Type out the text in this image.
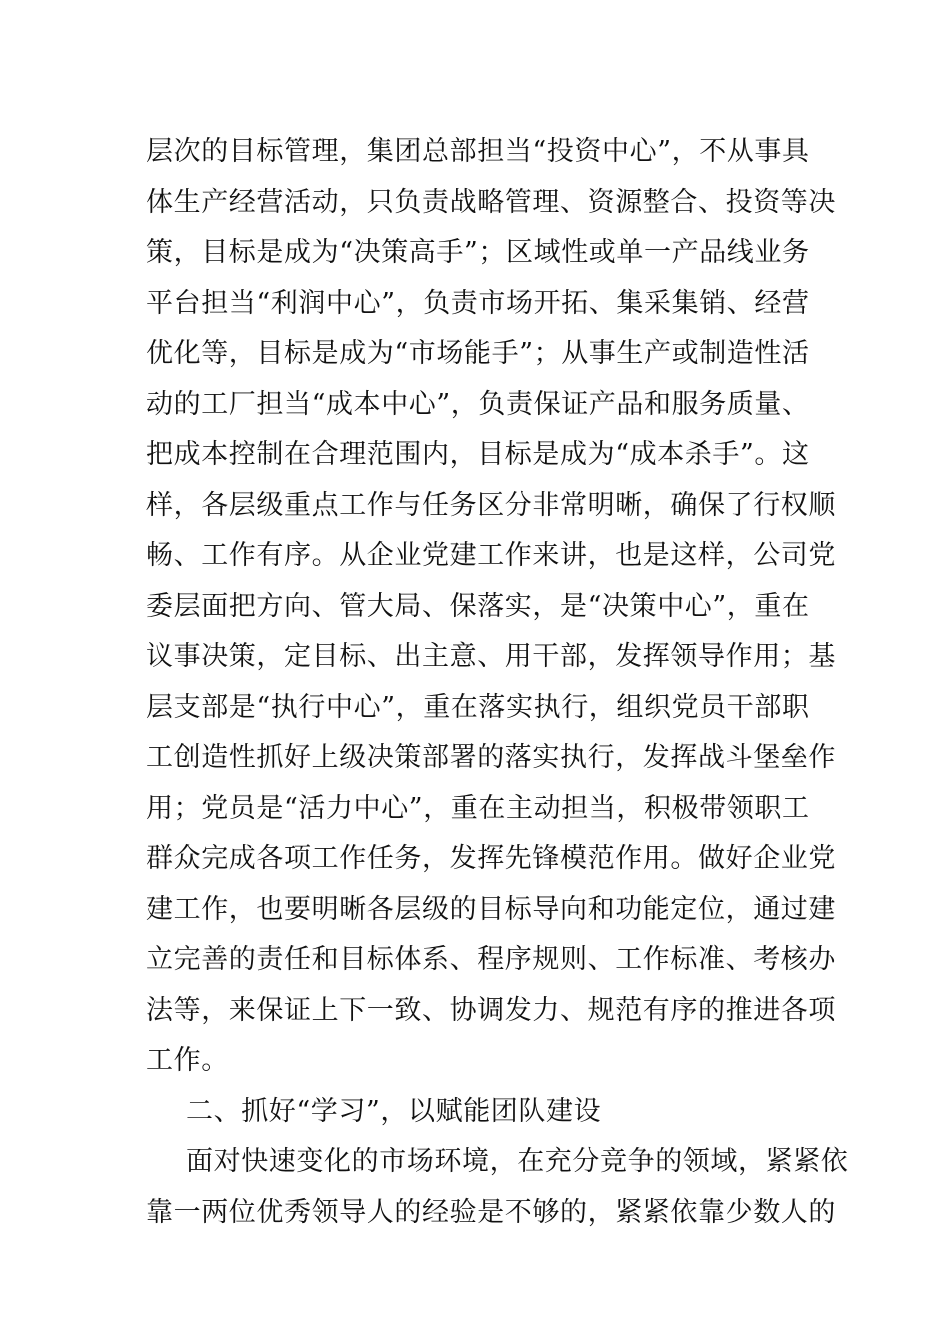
层次的目标管理，集团总部担当“投资中心”，不从事具
体生产经营活动，只负责战略管理、资源整合、投资等决
策，目标是成为“决策高手”；区域性或单一产品线业务
平台担当“利润中心”，负责市场开拓、集采集销、经营
优化等，目标是成为“市场能手”；从事生产或制造性活
动的工厂担当“成本中心”，负责保证产品和服务质量、
把成本控制在合理范围内，目标是成为“成本杀手”。这
样，各层级重点工作与任务区分非常明晰，确保了行权顺
畅、工作有序。从企业党建工作来讲，也是这样，公司党
委层面把方向、管大局、保落实，是“决策中心”，重在
议事决策，定目标、出主意、用干部，发挥领导作用；基
层支部是“执行中心”，重在落实执行，组织党员干部职
工创造性抓好上级决策部署的落实执行，发挥战斗堡垒作
用；党员是“活力中心”，重在主动担当，积极带领职工
群众完成各项工作任务，发挥先锋模范作用。做好企业党
建工作，也要明晰各层级的目标导向和功能定位，通过建
立完善的责任和目标体系、程序规则、工作标准、考核办
法等，来保证上下一致、协调发力、规范有序的推进各项
工作。
二、抓好“学习”，以赋能团队建设
面对快速变化的市场环境，在充分竞争的领域，紧紧依
靠一两位优秀领导人的经验是不够的，紧紧依靠少数人的
